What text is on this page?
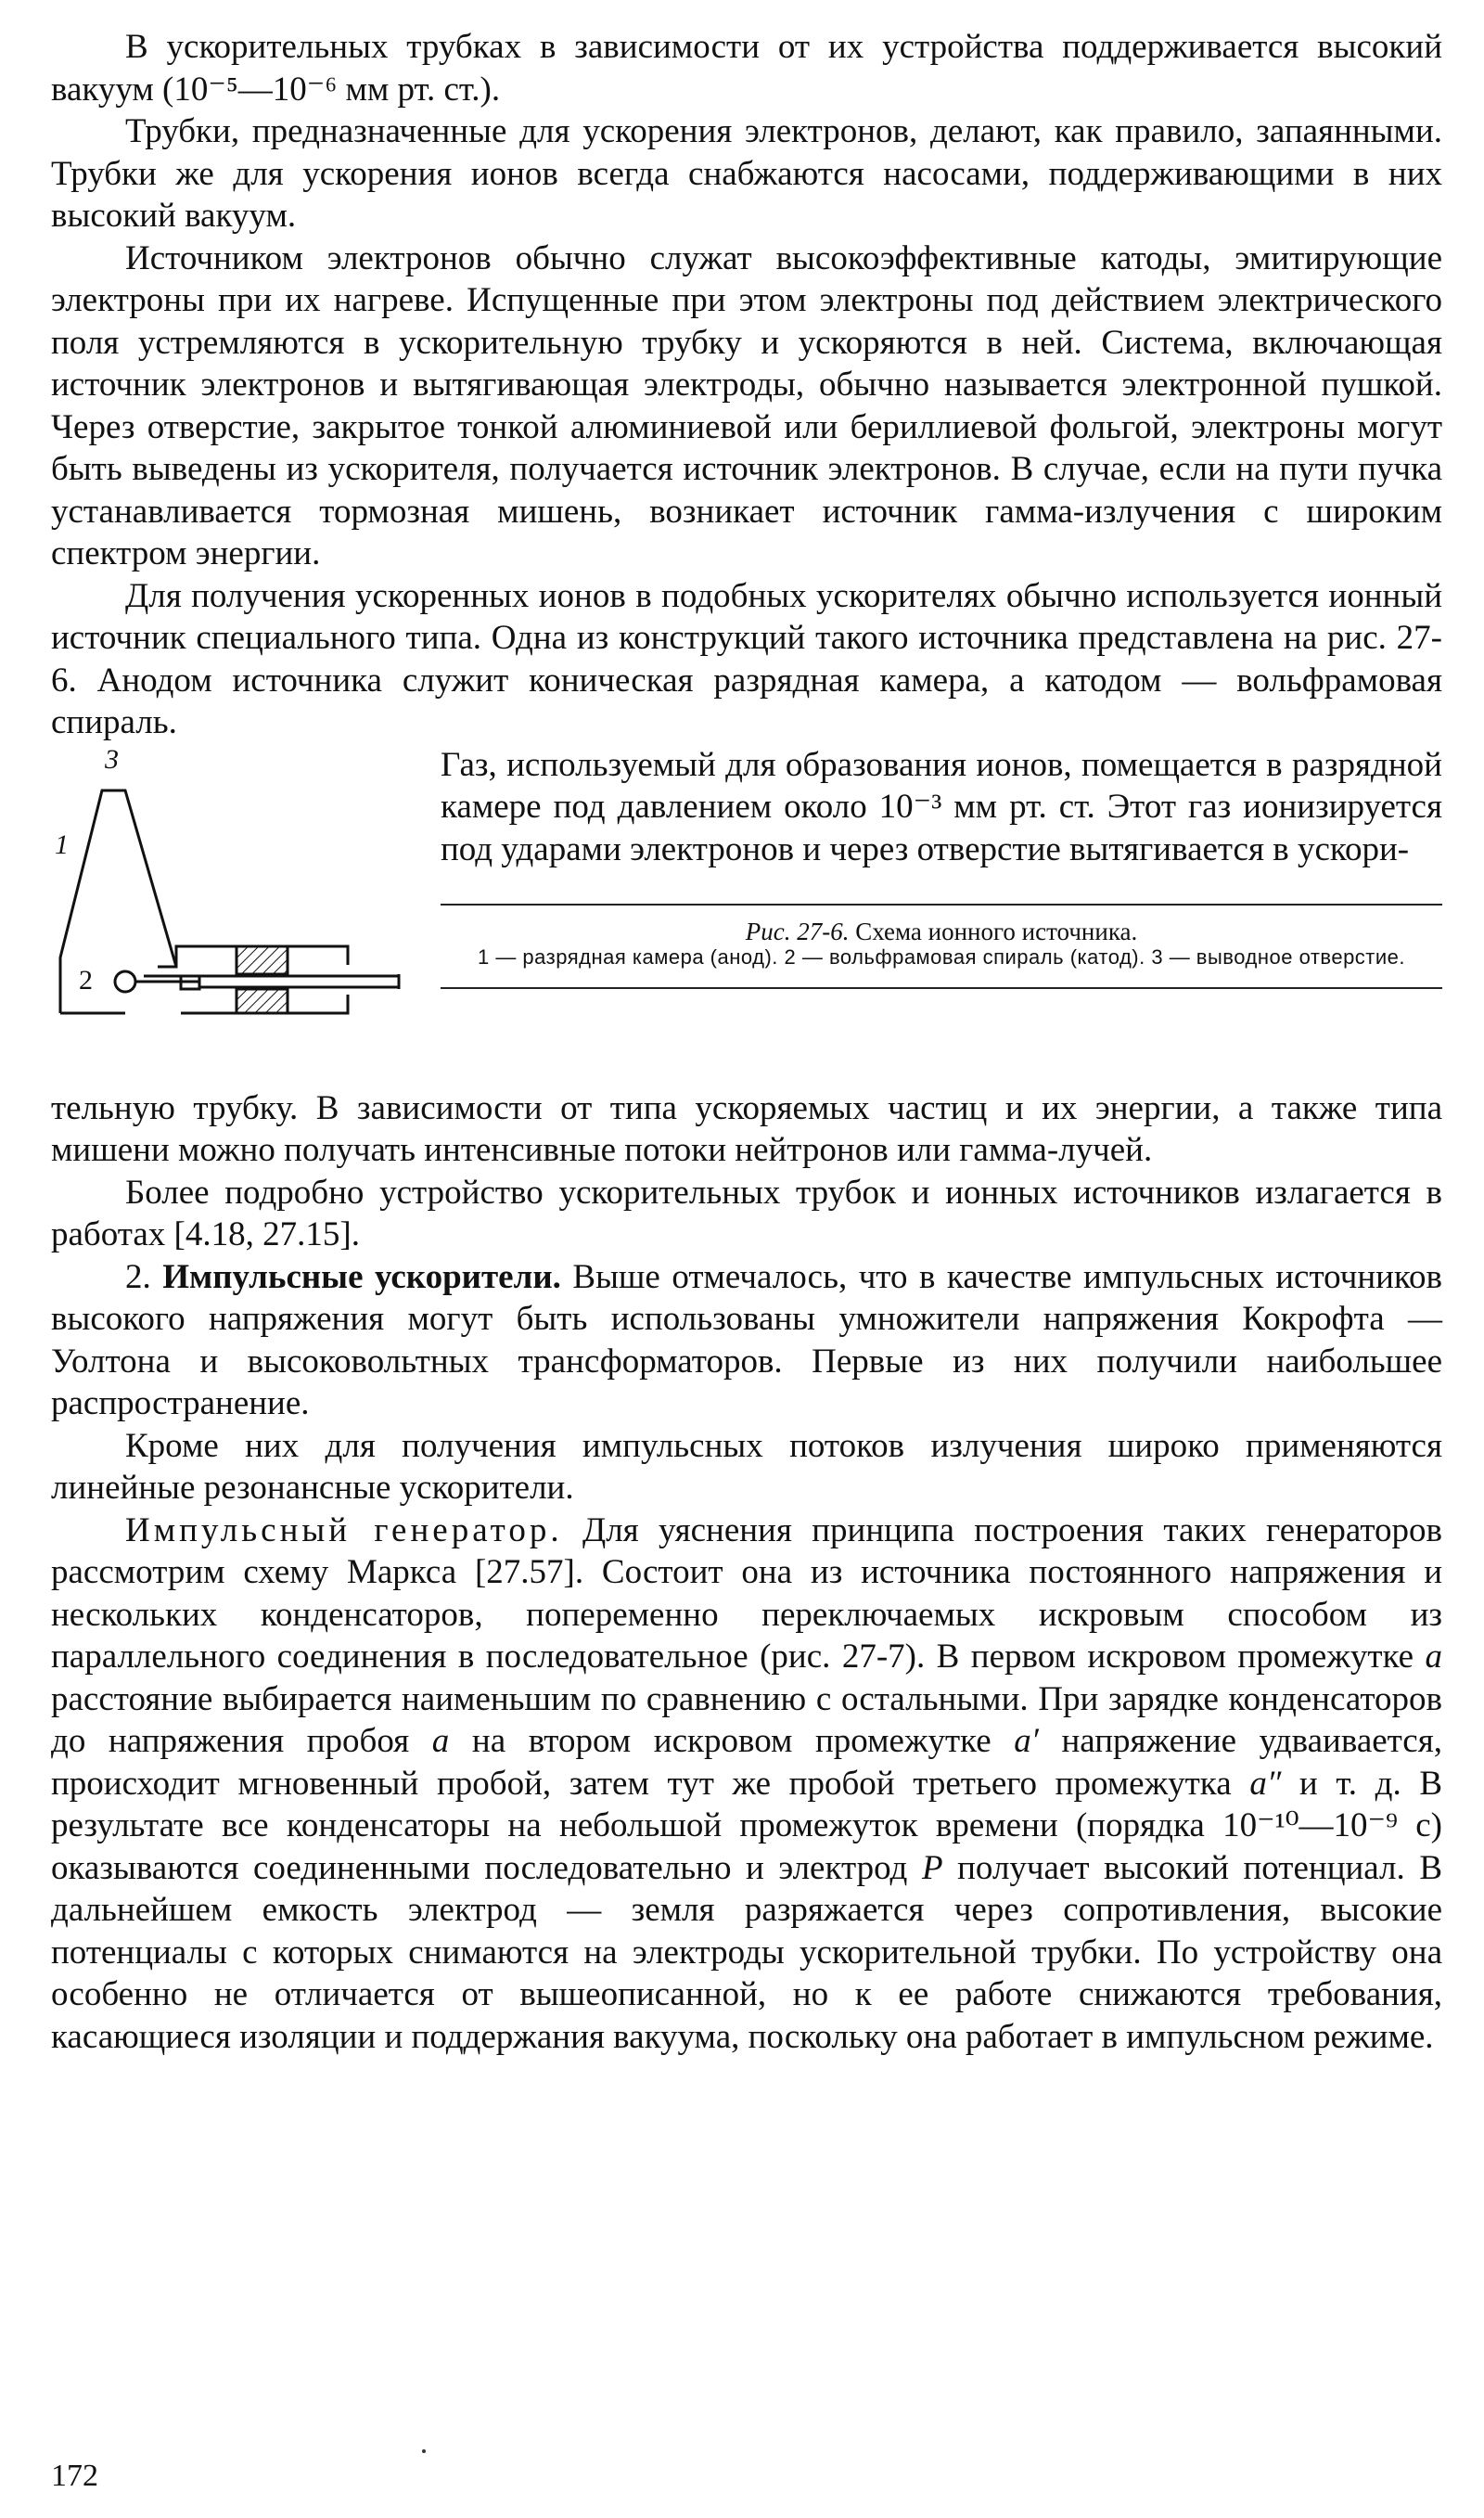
В ускорительных трубках в зависимости от их устройства поддерживается высокий вакуум (10⁻⁵—10⁻⁶ мм рт. ст.).

Трубки, предназначенные для ускорения электронов, делают, как правило, запаянными. Трубки же для ускорения ионов всегда снабжаются насосами, поддерживающими в них высокий вакуум.

Источником электронов обычно служат высокоэффективные катоды, эмитирующие электроны при их нагреве. Испущенные при этом электроны под действием электрического поля устремляются в ускорительную трубку и ускоряются в ней. Система, включающая источник электронов и вытягивающая электроды, обычно называется электронной пушкой. Через отверстие, закрытое тонкой алюминиевой или бериллиевой фольгой, электроны могут быть выведены из ускорителя, получается источник электронов. В случае, если на пути пучка устанавливается тормозная мишень, возникает источник гамма-излучения с широким спектром энергии.

Для получения ускоренных ионов в подобных ускорителях обычно используется ионный источник специального типа. Одна из конструкций такого источника представлена на рис. 27-6. Анодом источника служит коническая разрядная камера, а катодом — вольфрамовая спираль.

3
1
2

Газ, используемый для образования ионов, помещается в разрядной камере под давлением около 10⁻³ мм рт. ст. Этот газ ионизируется под ударами электронов и через отверстие вытягивается в ускори-

Рис. 27-6. Схема ионного источника.
1 — разрядная камера (анод). 2 — вольфрамовая спираль (катод). 3 — выводное отверстие.

тельную трубку. В зависимости от типа ускоряемых частиц и их энергии, а также типа мишени можно получать интенсивные потоки нейтронов или гамма-лучей.

Более подробно устройство ускорительных трубок и ионных источников излагается в работах [4.18, 27.15].

2. Импульсные ускорители. Выше отмечалось, что в качестве импульсных источников высокого напряжения могут быть использованы умножители напряжения Кокрофта — Уолтона и высоковольтных трансформаторов. Первые из них получили наибольшее распространение.

Кроме них для получения импульсных потоков излучения широко применяются линейные резонансные ускорители.

Импульсный генератор. Для уяснения принципа построения таких генераторов рассмотрим схему Маркса [27.57]. Состоит она из источника постоянного напряжения и нескольких конденсаторов, попеременно переключаемых искровым способом из параллельного соединения в последовательное (рис. 27-7). В первом искровом промежутке a расстояние выбирается наименьшим по сравнению с остальными. При зарядке конденсаторов до напряжения пробоя a на втором искровом промежутке a′ напряжение удваивается, происходит мгновенный пробой, затем тут же пробой третьего промежутка a″ и т. д. В результате все конденсаторы на небольшой промежуток времени (порядка 10⁻¹⁰—10⁻⁹ с) оказываются соединенными последовательно и электрод P получает высокий потенциал. В дальнейшем емкость электрод — земля разряжается через сопротивления, высокие потенциалы с которых снимаются на электроды ускорительной трубки. По устройству она особенно не отличается от вышеописанной, но к ее работе снижаются требования, касающиеся изоляции и поддержания вакуума, поскольку она работает в импульсном режиме.

172
